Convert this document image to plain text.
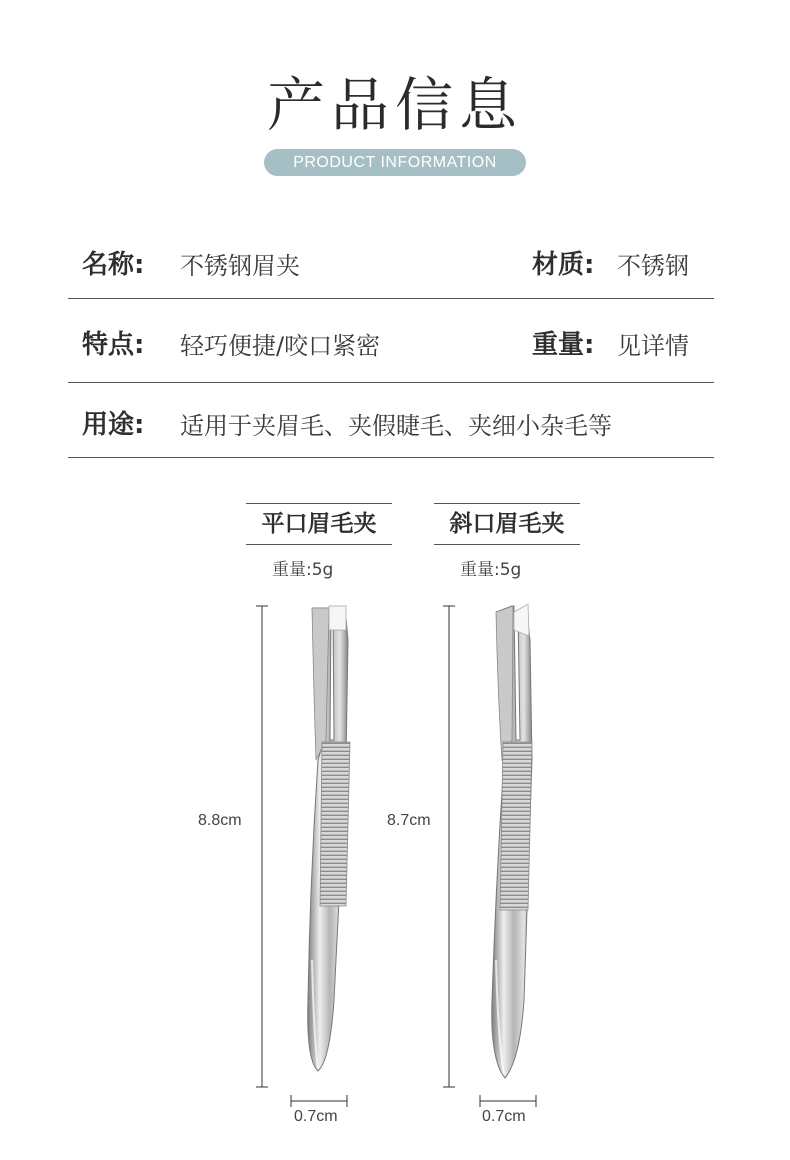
产品信息
PRODUCT INFORMATION
名称: 不锈钢眉夹	材质: 不锈钢
特点: 轻巧便捷/咬口紧密	重量: 见详情
用途: 适用于夹眉毛、夹假睫毛、夹细小杂毛等
平口眉毛夹
重量:5g
斜口眉毛夹
重量:5g
8.8cm
0.7cm
8.7cm
0.7cm
